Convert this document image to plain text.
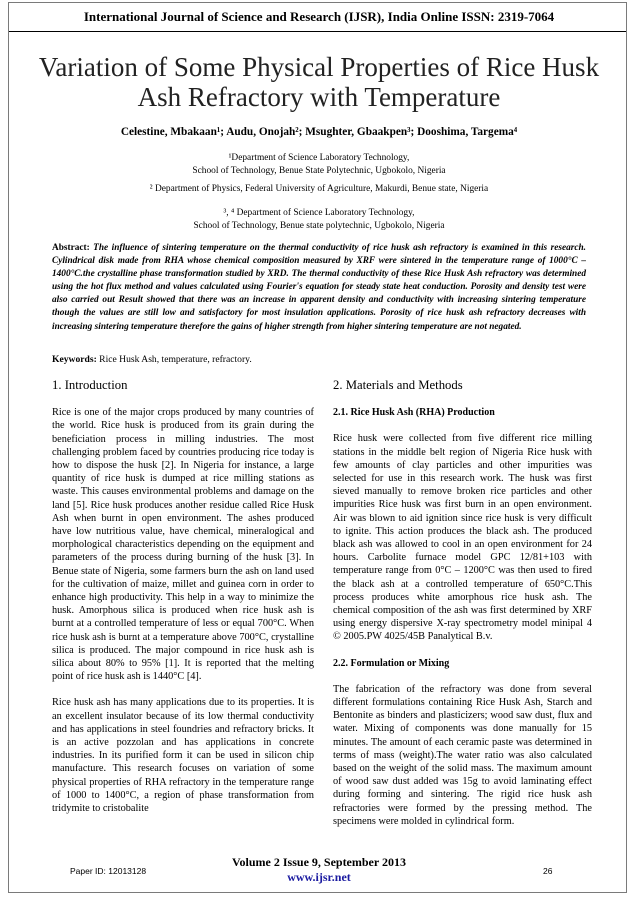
International Journal of Science and Research (IJSR), India Online ISSN: 2319-7064
Variation of Some Physical Properties of Rice Husk
Ash Refractory with Temperature
Celestine, Mbakaan¹; Audu, Onojah²; Msughter, Gbaakpen³; Dooshima, Targema⁴
¹Department of Science Laboratory Technology,
School of Technology, Benue State Polytechnic, Ugbokolo, Nigeria
² Department of Physics, Federal University of Agriculture, Makurdi, Benue state, Nigeria
³, ⁴ Department of Science Laboratory Technology,
School of Technology, Benue state polytechnic, Ugbokolo, Nigeria
Abstract: The influence of sintering temperature on the thermal conductivity of rice husk ash refractory is examined in this research. Cylindrical disk made from RHA whose chemical composition measured by XRF were sintered in the temperature range of 1000°C – 1400°C.the crystalline phase transformation studied by XRD. The thermal conductivity of these Rice Husk Ash refractory was determined using the hot flux method and values calculated using Fourier's equation for steady state heat conduction. Porosity and density test were also carried out Result showed that there was an increase in apparent density and conductivity with increasing sintering temperature though the values are still low and satisfactory for most insulation applications. Porosity of rice husk ash refractory decreases with increasing sintering temperature therefore the gains of higher strength from higher sintering temperature are not negated.
Keywords: Rice Husk Ash, temperature, refractory.
1. Introduction

Rice is one of the major crops produced by many countries of the world. Rice husk is produced from its grain during the beneficiation process in milling industries. The most challenging problem faced by countries producing rice today is how to dispose the husk [2]. In Nigeria for instance, a large quantity of rice husk is dumped at rice milling stations as waste. This causes environmental problems and damage on the land [5]. Rice husk produces another residue called Rice Husk Ash when burnt in open environment. The ashes produced have low nutritious value, have chemical, mineralogical and morphological characteristics depending on the equipment and parameters of the process during burning of the husk [3]. In Benue state of Nigeria, some farmers burn the ash on land used for the cultivation of maize, millet and guinea corn in order to enhance high productivity. This help in a way to minimize the husk. Amorphous silica is produced when rice husk ash is burnt at a controlled temperature of less or equal 700°C. When rice husk ash is burnt at a temperature above 700°C, crystalline silica is produced. The major compound in rice husk ash is silica about 80% to 95% [1]. It is reported that the melting point of rice husk ash is 1440°C [4].

Rice husk ash has many applications due to its properties. It is an excellent insulator because of its low thermal conductivity and has applications in steel foundries and refractory bricks. It is an active pozzolan and has applications in concrete industries. In its purified form it can be used in silicon chip manufacture. This research focuses on variation of some physical properties of RHA refractory in the temperature range of 1000 to 1400°C, a region of phase transformation from tridymite to cristobalite

2. Materials and Methods
2.1. Rice Husk Ash (RHA) Production

Rice husk were collected from five different rice milling stations in the middle belt region of Nigeria Rice husk with few amounts of clay particles and other impurities was selected for use in this research work. The husk was first sieved manually to remove broken rice particles and other impurities Rice husk was first burn in an open environment. Air was blown to aid ignition since rice husk is very difficult to ignite. This action produces the black ash. The produced black ash was allowed to cool in an open environment for 24 hours. Carbolite furnace model GPC 12/81+103 with temperature range from 0°C – 1200°C was then used to fired the black ash at a controlled temperature of 650°C.This process produces white amorphous rice husk ash. The chemical composition of the ash was first determined by XRF using energy dispersive X-ray spectrometry model minipal 4 © 2005.PW 4025/45B Panalytical B.v.

2.2. Formulation or Mixing

The fabrication of the refractory was done from several different formulations containing Rice Husk Ash, Starch and Bentonite as binders and plasticizers; wood saw dust, flux and water. Mixing of components was done manually for 15 minutes. The amount of each ceramic paste was determined in terms of mass (weight).The water ratio was also calculated based on the weight of the solid mass. The maximum amount of wood saw dust added was 15g to avoid laminating effect during forming and sintering. The rigid rice husk ash refractories were formed by the pressing method. The specimens were molded in cylindrical form.

Volume 2 Issue 9, September 2013
www.ijsr.net
Paper ID: 12013128	26
